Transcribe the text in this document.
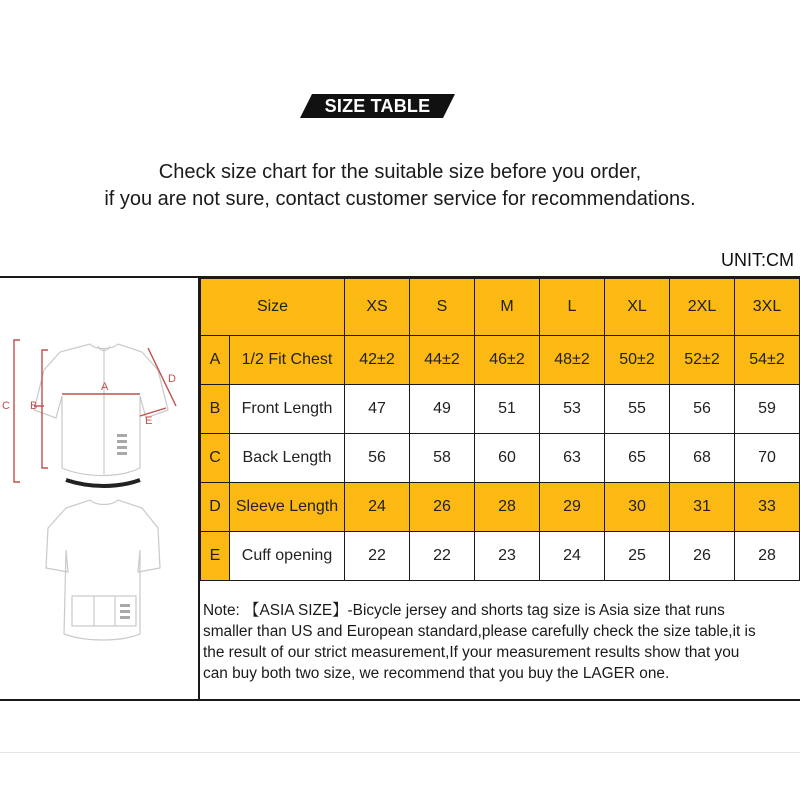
SIZE TABLE
Check size chart for the suitable size before you order,
if you are not sure, contact customer service for recommendations.
UNIT:CM
C B
A
D
E
Size		XS	S	M	L	XL	2XL	3XL
A	1/2 Fit Chest	42±2	44±2	46±2	48±2	50±2	52±2	54±2
B	Front Length	47	49	51	53	55	56	59
C	Back Length	56	58	60	63	65	68	70
D	Sleeve Length	24	26	28	29	30	31	33
E	Cuff opening	22	22	23	24	25	26	28
Note: 【ASIA SIZE】-Bicycle jersey and shorts tag size is Asia size that runs
smaller than US and European standard,please carefully check the size table,it is
the result of our strict measurement,If your measurement results show that you
can buy both two size, we recommend that you buy the LAGER one.
